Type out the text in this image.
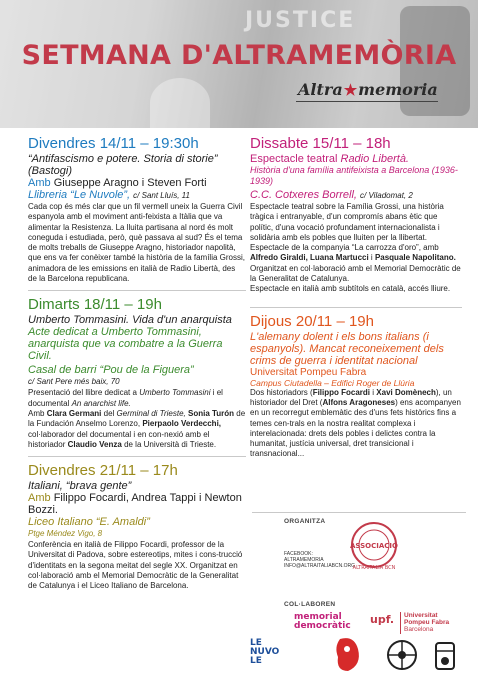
JUSTICE
SETMANA D'ALTRAMEMÒRIA
Altra★memoria
Divendres 14/11 – 19:30h
“Antifascismo e potere. Storia di storie” (Bastogi)
Amb Giuseppe Aragno i Steven Forti
Llibreria “Le Nuvole”, c/ Sant Lluís, 11

Cada cop és més clar que un fil vermell uneix la Guerra Civil espanyola amb el moviment anti-feixista a Itàlia que va alimentar la Resistenza. La lluita partisana al nord és molt coneguda i estudiada, però, què passava al sud? És el tema de molts treballs de Giuseppe Aragno, historiador napolità, que ens va fer conèixer també la història de la família Grossi, animadora de les emissions en italià de Radio Libertà, des de la Barcelona republicana.

Dimarts 18/11 – 19h
Umberto Tommasini. Vida d'un anarquista
Acte dedicat a Umberto Tommasini, anarquista que va combatre a la Guerra Civil.
Casal de barri “Pou de la Figuera”
c/ Sant Pere més baix, 70

Presentació del llibre dedicat a Umberto Tommasini i el documental An anarchist life.
Amb Clara Germani del Germinal di Trieste, Sonia Turón de la Fundación Anselmo Lorenzo, Pierpaolo Verdecchi, col·laborador del documental i en con-nexió amb el historiador Claudio Venza de la Università di Trieste.

Divendres 21/11 – 17h
Italiani, “brava gente”
Amb Filippo Focardi, Andrea Tappi i Newton Bozzi.
Liceo Italiano “E. Amaldi”
Ptge Méndez Vigo, 8

Conferència en italià de Filippo Focardi, professor de la Universitat di Padova, sobre estereotips, mites i cons-trucció d'identitats en la segona meitat del segle XX. Organitzat en col·laboració amb el Memorial Democràtic de la Generalitat de Catalunya i el Liceo Italiano de Barcelona.

Dissabte 15/11 – 18h
Espectacle teatral Radio Libertà.
Història d'una família antifeixista a Barcelona (1936-1939)
C.C. Cotxeres Borrell, c/ Viladomat, 2

Espectacle teatral sobre la Família Grossi, una història tràgica i entranyable, d'un compromís abans ètic que polític, d'una vocació profundament internacionalista i solidària amb els pobles que lluiten per la llibertat.

Espectacle de la companyia “La carrozza d'oro”, amb Alfredo Giraldi, Luana Martucci i Pasquale Napolitano.

Organitzat en col·laboració amb el Memorial Democràtic de la Generalitat de Catalunya.

Espectacle en italià amb subtítols en català, accés lliure.

Dijous 20/11 – 19h
L'alemany dolent i els bons italians (i espanyols). Mancat reconeixement dels crims de guerra i identitat nacional
Universitat Pompeu Fabra
Campus Ciutadella – Edifici Roger de Llúria

Dos historiadors (Filippo Focardi i Xavi Domènech), un historiador del Dret (Alfons Aragoneses) ens acompanyen en un recorregut emblemàtic des d'uns fets històrics fins a temes cen-trals en la nostra realitat complexa i interelacionada: drets dels pobles i delictes contra la humanitat, justícia universal, dret transicional i transnacional...

ORGANITZA
ASSOCIACIÓ
ALTRAITALIA BCN
FACEBOOK:
ALTRAMEMORIA
INFO@ALTRAITALIABCN.ORG
COL·LABOREN
memorial
democràtic upf. Universitat
Pompeu Fabra
Barcelona
LE
NUVO
LE
